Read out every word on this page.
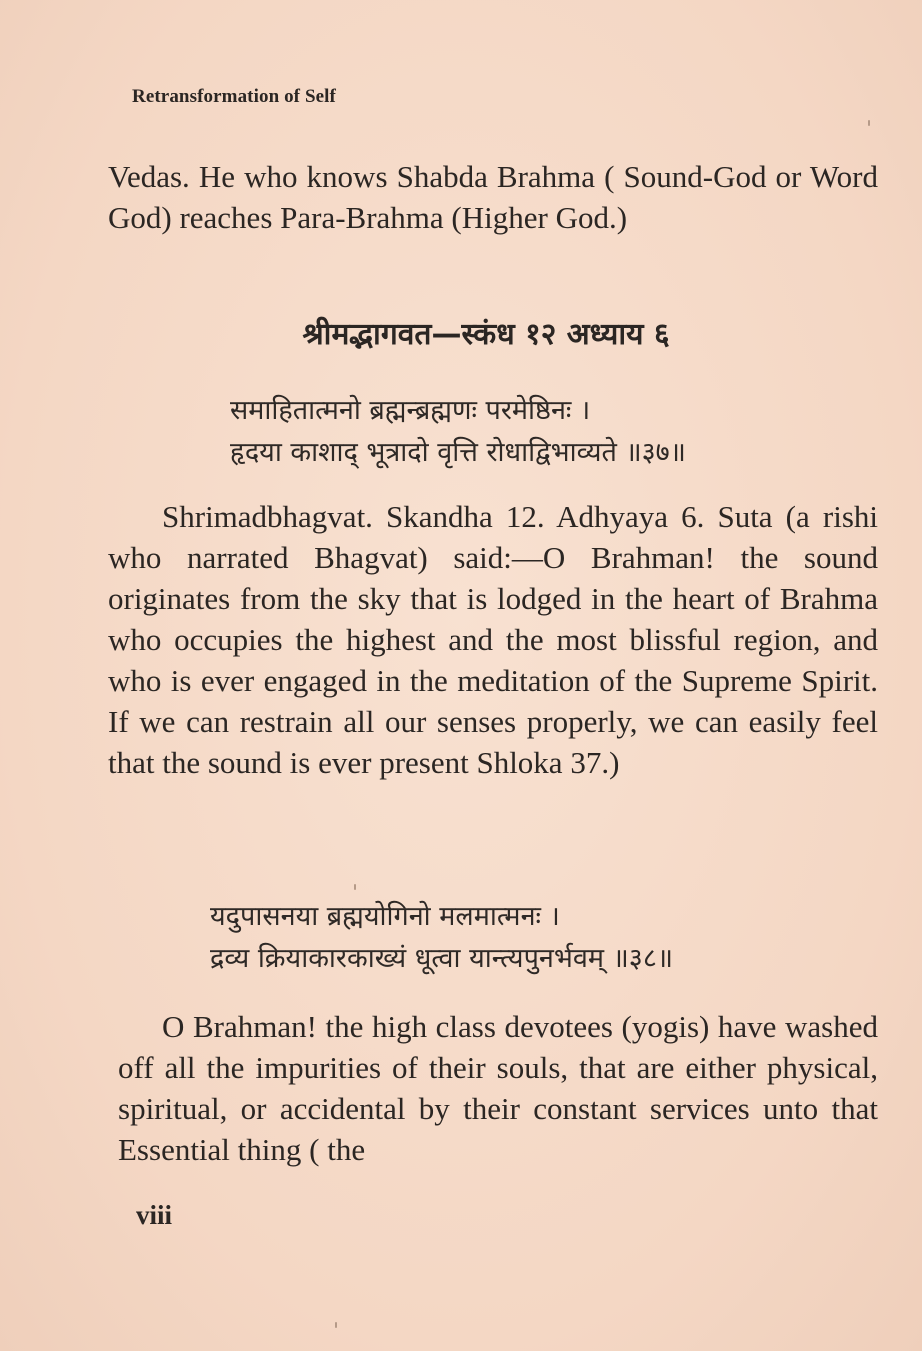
Retransformation of Self

Vedas. He who knows Shabda Brahma ( Sound-God or Word God) reaches Para-Brahma (Higher God.)

श्रीमद्भागवत—स्कंध १२ अध्याय ६
समाहितात्मनो ब्रह्मन्ब्रह्मणः परमेष्ठिनः ।
हृदया काशाद् भूत्रादो वृत्ति रोधाद्विभाव्यते ॥३७॥

Shrimadbhagvat. Skandha 12. Adhyaya 6. Suta (a rishi who narrated Bhagvat) said:—O Brahman! the sound originates from the sky that is lodged in the heart of Brahma who occupies the highest and the most blissful region, and who is ever engaged in the meditation of the Supreme Spirit. If we can restrain all our senses properly, we can easily feel that the sound is ever present Shloka 37.)

यदुपासनया ब्रह्मयोगिनो मलमात्मनः ।
द्रव्य क्रियाकारकाख्यं धूत्वा यान्त्यपुनर्भवम् ॥३८॥

O Brahman! the high class devotees (yogis) have washed off all the impurities of their souls, that are either physical, spiritual, or accidental by their constant services unto that Essential thing ( the

viii
